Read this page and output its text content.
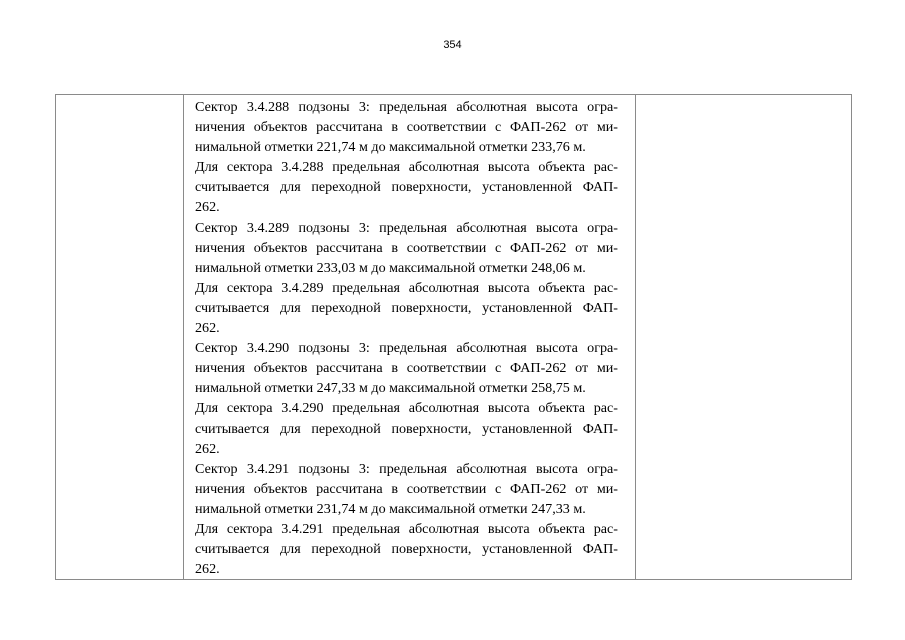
354

Сектор 3.4.288 подзоны 3: предельная абсолютная высота огра-
ничения объектов рассчитана в соответствии с ФАП-262 от ми-
нимальной отметки 221,74 м до максимальной отметки 233,76 м.
Для сектора 3.4.288 предельная абсолютная высота объекта рас-
считывается для переходной поверхности, установленной ФАП-
262.
Сектор 3.4.289 подзоны 3: предельная абсолютная высота огра-
ничения объектов рассчитана в соответствии с ФАП-262 от ми-
нимальной отметки 233,03 м до максимальной отметки 248,06 м.
Для сектора 3.4.289 предельная абсолютная высота объекта рас-
считывается для переходной поверхности, установленной ФАП-
262.
Сектор 3.4.290 подзоны 3: предельная абсолютная высота огра-
ничения объектов рассчитана в соответствии с ФАП-262 от ми-
нимальной отметки 247,33 м до максимальной отметки 258,75 м.
Для сектора 3.4.290 предельная абсолютная высота объекта рас-
считывается для переходной поверхности, установленной ФАП-
262.
Сектор 3.4.291 подзоны 3: предельная абсолютная высота огра-
ничения объектов рассчитана в соответствии с ФАП-262 от ми-
нимальной отметки 231,74 м до максимальной отметки 247,33 м.
Для сектора 3.4.291 предельная абсолютная высота объекта рас-
считывается для переходной поверхности, установленной ФАП-
262.
